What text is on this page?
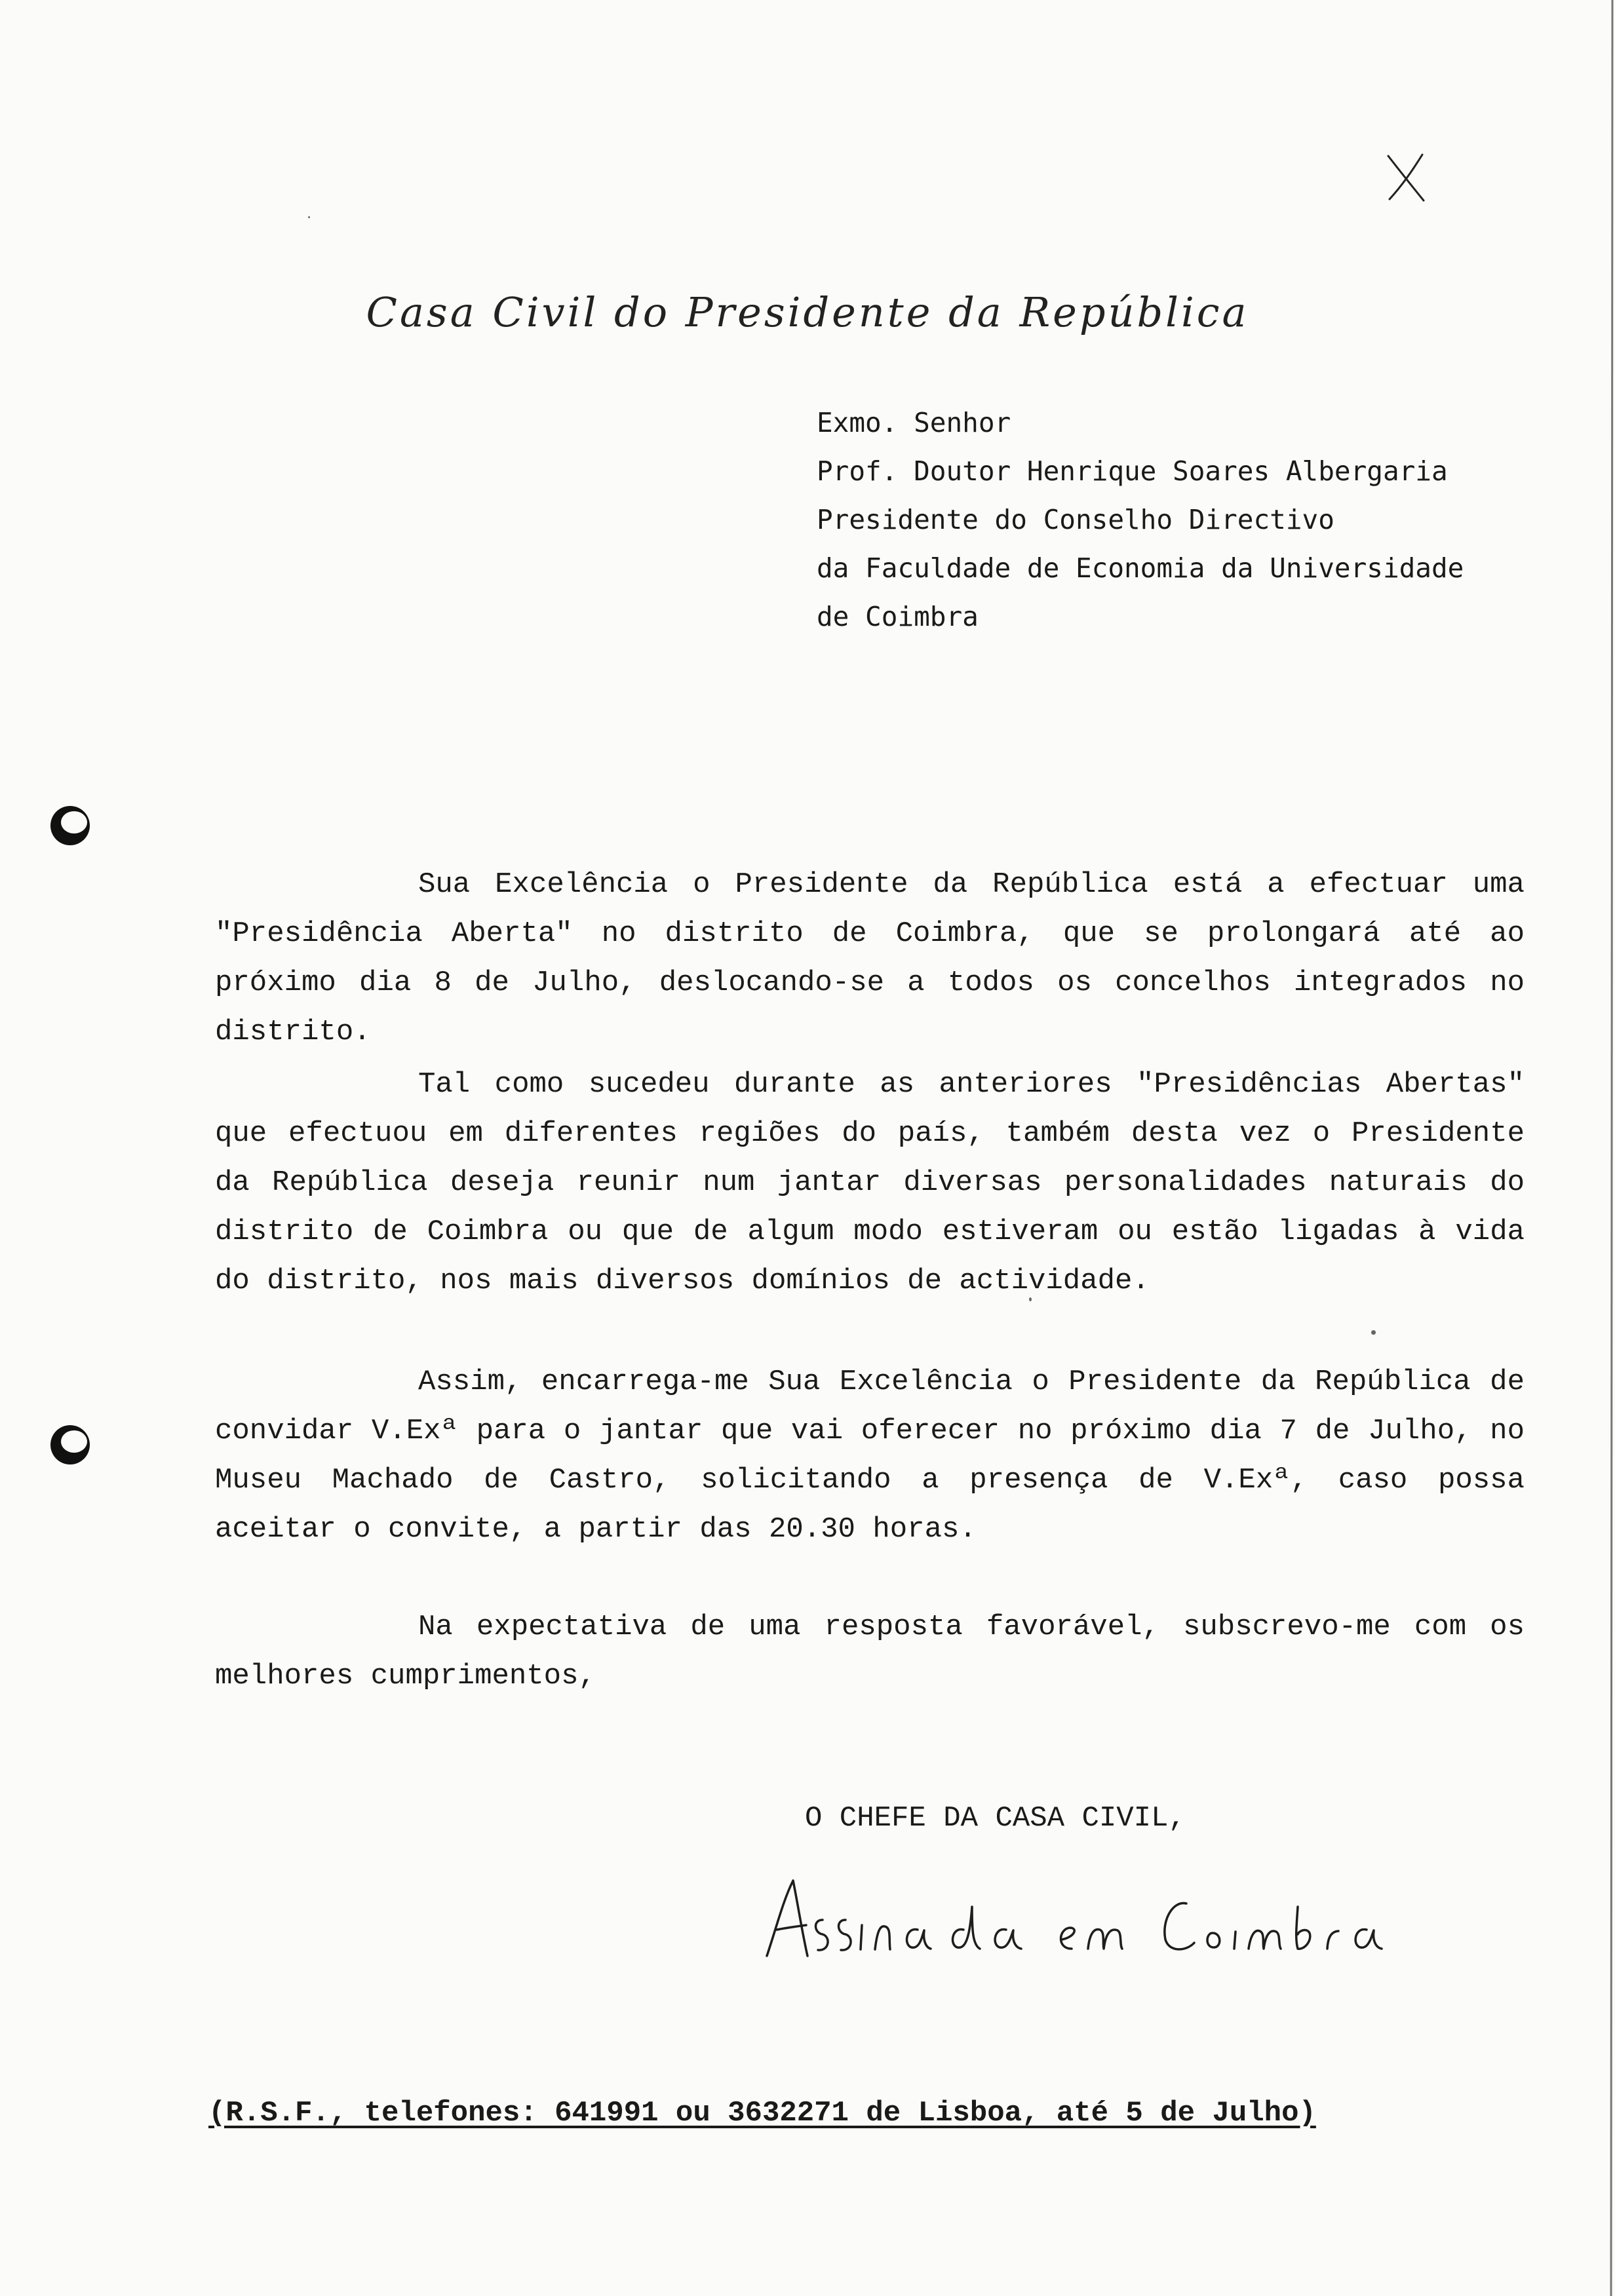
Casa Civil do Presidente da República
Exmo. Senhor
Prof. Doutor Henrique Soares Albergaria
Presidente do Conselho Directivo
da Faculdade de Economia da Universidade
de Coimbra
Sua Excelência o Presidente da República está a efectuar uma "Presidência Aberta" no distrito de Coimbra, que se prolongará até ao próximo dia 8 de Julho, deslocando-se a todos os concelhos integrados no distrito.
Tal como sucedeu durante as anteriores "Presidências Abertas" que efectuou em diferentes regiões do país, também desta vez o Presidente da República deseja reunir num jantar diversas personalidades naturais do distrito de Coimbra ou que de algum modo estiveram ou estão ligadas à vida do distrito, nos mais diversos domínios de actividade.
Assim, encarrega-me Sua Excelência o Presidente da República de convidar V.Exª para o jantar que vai oferecer no próximo dia 7 de Julho, no Museu Machado de Castro, solicitando a presença de V.Exª, caso possa aceitar o convite, a partir das 20.30 horas.
Na expectativa de uma resposta favorável, subscrevo-me com os melhores cumprimentos,
O CHEFE DA CASA CIVIL,
(R.S.F., telefones: 641991 ou 3632271 de Lisboa, até 5 de Julho)
